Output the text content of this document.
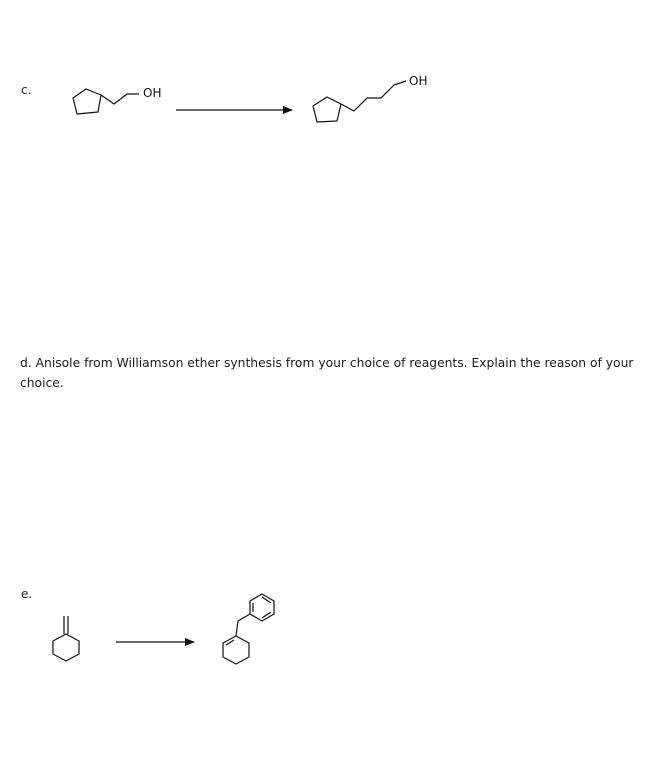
c.
d. Anisole from Williamson ether synthesis from your choice of reagents. Explain the reason of your choice.
e.
OH
OH
